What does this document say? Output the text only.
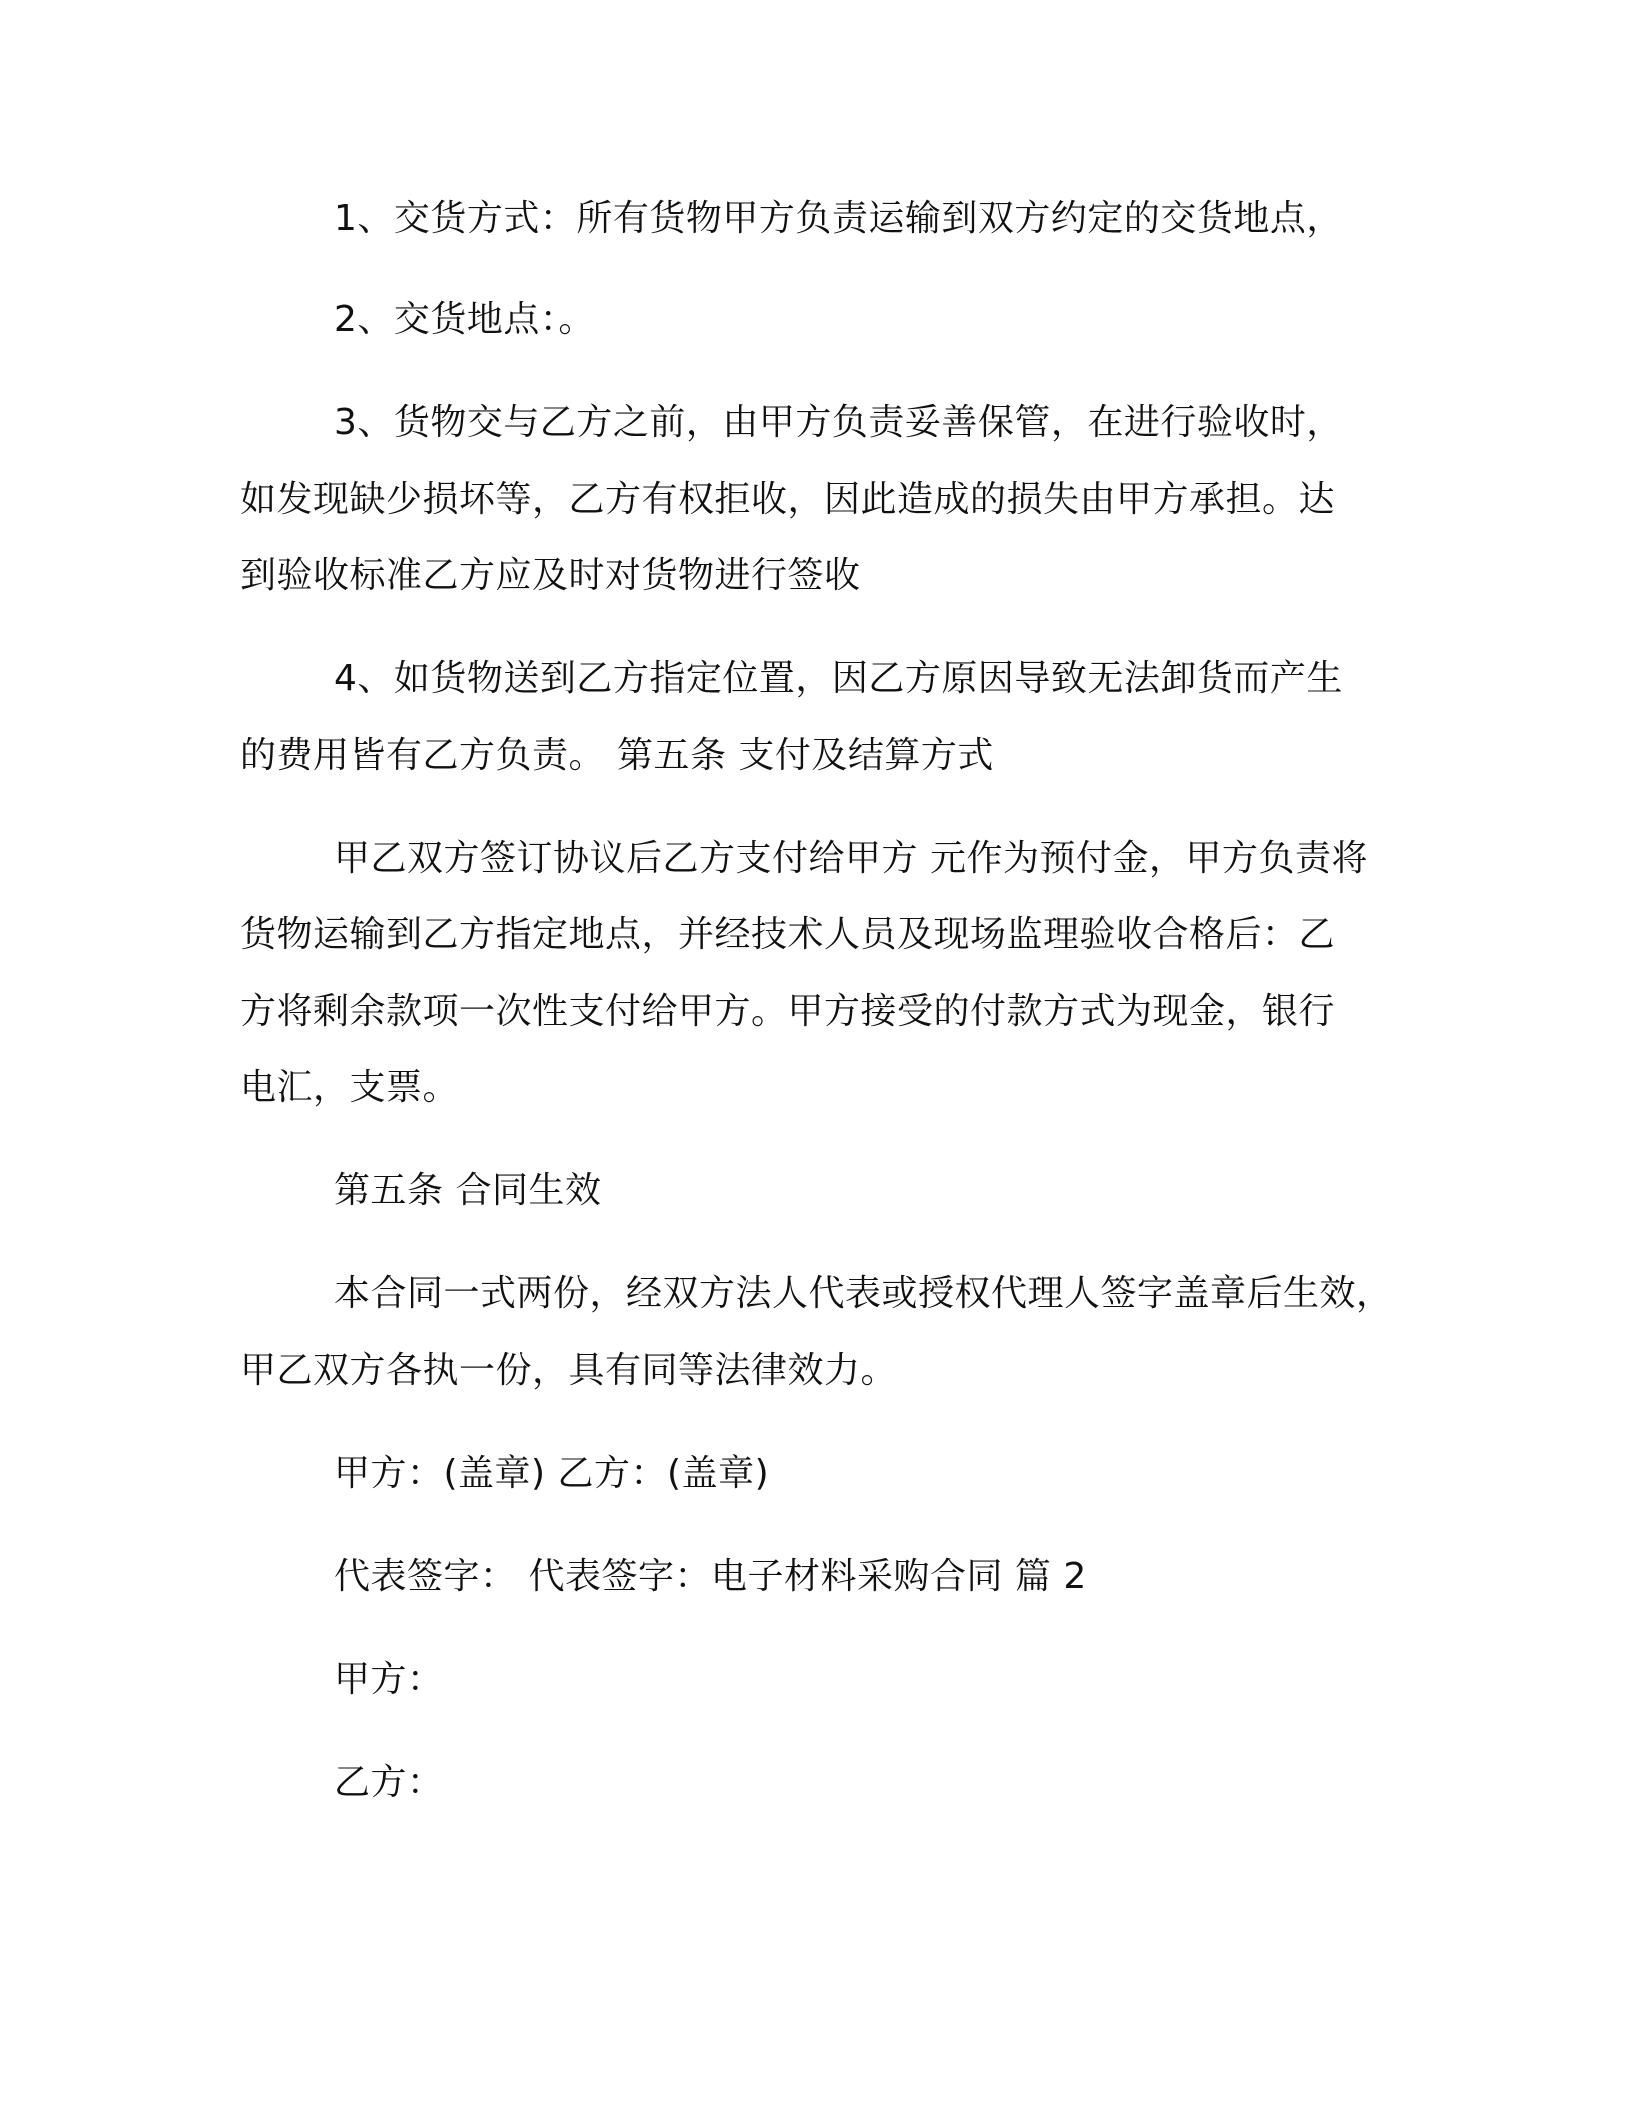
1、交货方式：所有货物甲方负责运输到双方约定的交货地点，
2、交货地点：。
3、货物交与乙方之前，由甲方负责妥善保管，在进行验收时，
如发现缺少损坏等，乙方有权拒收，因此造成的损失由甲方承担。达
到验收标准乙方应及时对货物进行签收
4、如货物送到乙方指定位置，因乙方原因导致无法卸货而产生
的费用皆有乙方负责。 第五条 支付及结算方式
甲乙双方签订协议后乙方支付给甲方 元作为预付金，甲方负责将
货物运输到乙方指定地点，并经技术人员及现场监理验收合格后：乙
方将剩余款项一次性支付给甲方。甲方接受的付款方式为现金，银行
电汇，支票。
第五条 合同生效
本合同一式两份，经双方法人代表或授权代理人签字盖章后生效，
甲乙双方各执一份，具有同等法律效力。
甲方：(盖章) 乙方：(盖章)
代表签字： 代表签字：电子材料采购合同 篇 2
甲方：
乙方：
